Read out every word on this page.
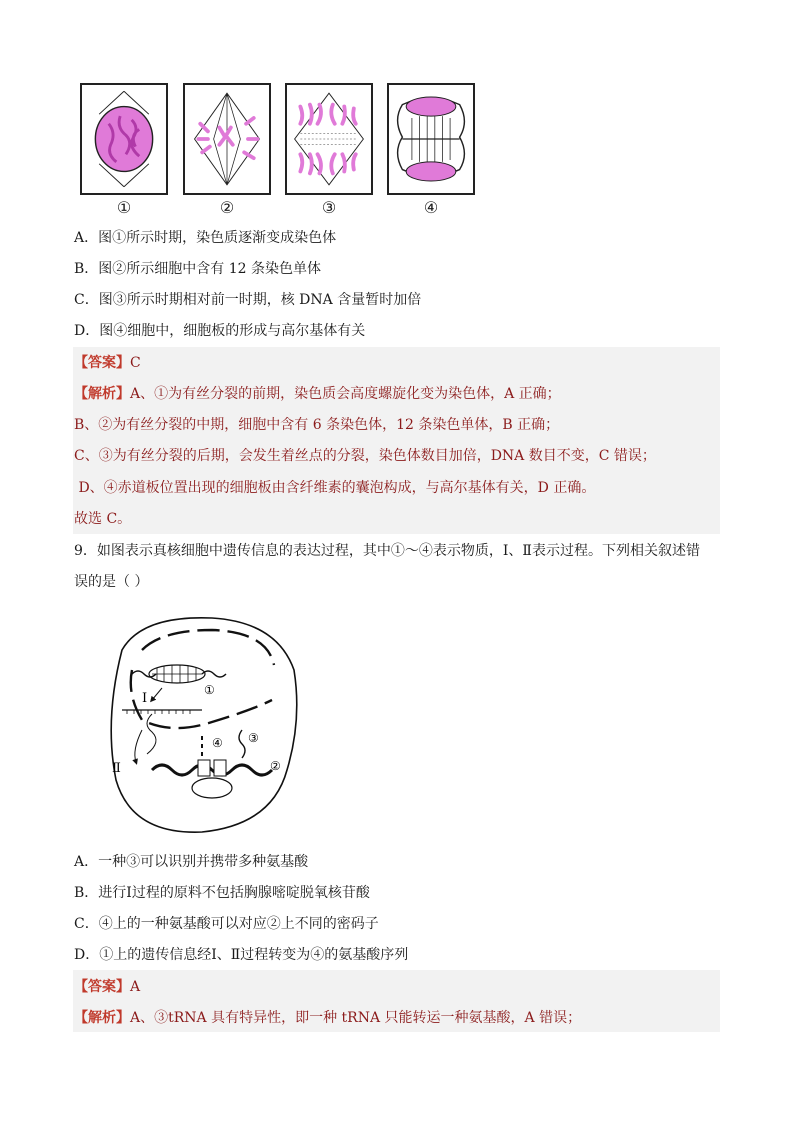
①	②	③	④
A．图①所示时期，染色质逐渐变成染色体
B．图②所示细胞中含有 12 条染色单体
C．图③所示时期相对前一时期，核 DNA 含量暂时加倍
D．图④细胞中，细胞板的形成与高尔基体有关
【答案】C
【解析】A、①为有丝分裂的前期，染色质会高度螺旋化变为染色体，A 正确；
B、②为有丝分裂的中期，细胞中含有 6 条染色体，12 条染色单体，B 正确；
C、③为有丝分裂的后期，会发生着丝点的分裂，染色体数目加倍，DNA 数目不变，C 错误；
D、④赤道板位置出现的细胞板由含纤维素的囊泡构成，与高尔基体有关，D 正确。
故选 C。
9．如图表示真核细胞中遗传信息的表达过程，其中①～④表示物质，Ⅰ、Ⅱ表示过程。下列相关叙述错
误的是（ ）
Ⅰ
①
Ⅱ	②
③
④
A．一种③可以识别并携带多种氨基酸
B．进行Ⅰ过程的原料不包括胸腺嘧啶脱氧核苷酸
C．④上的一种氨基酸可以对应②上不同的密码子
D．①上的遗传信息经Ⅰ、Ⅱ过程转变为④的氨基酸序列
【答案】A
【解析】A、③tRNA 具有特异性，即一种 tRNA 只能转运一种氨基酸，A 错误；
